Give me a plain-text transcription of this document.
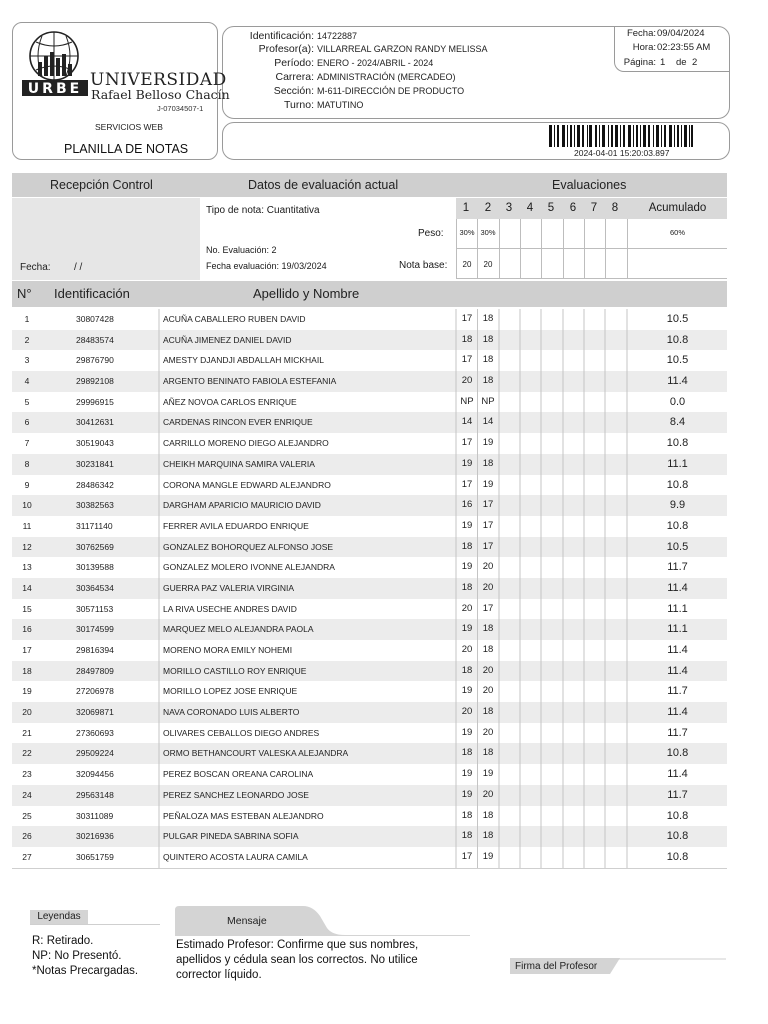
URBE UNIVERSIDAD
Rafael Belloso Chacín
J-07034507-1
SERVICIOS WEB
PLANILLA DE NOTAS
Identificación: 14722887
Profesor(a): VILLARREAL GARZON RANDY MELISSA
Período: ENERO - 2024/ABRIL - 2024
Carrera: ADMINISTRACIÓN (MERCADEO)
Sección: M-611-DIRECCIÓN DE PRODUCTO
Turno: MATUTINO
Fecha: 09/04/2024
Hora: 02:23:55 AM
Página: 1 de 2
2024-04-01 15:20:03.897
Recepción Control	Datos de evaluación actual	Evaluaciones
Fecha: / /
Tipo de nota: Cuantitativa
Peso:
No. Evaluación: 2
Fecha evaluación: 19/03/2024	Nota base:
1	2	3	4	5	6	7	8	Acumulado
30% 30%	60%
20	20
N° Identificación	Apellido y Nombre
1	30807428	ACUÑA CABALLERO RUBEN DAVID	17	18	10.5
2	28483574	ACUÑA JIMENEZ DANIEL DAVID	18	18	10.8
3	29876790	AMESTY DJANDJI ABDALLAH MICKHAIL	17	18	10.5
4	29892108	ARGENTO BENINATO FABIOLA ESTEFANIA	20	18	11.4
5	29996915	AÑEZ NOVOA CARLOS ENRIQUE	NP NP	0.0
6	30412631	CARDENAS RINCON EVER ENRIQUE	14	14	8.4
7	30519043	CARRILLO MORENO DIEGO ALEJANDRO	17	19	10.8
8	30231841	CHEIKH MARQUINA SAMIRA VALERIA	19	18	11.1
9	28486342	CORONA MANGLE EDWARD ALEJANDRO	17	19	10.8
10	30382563	DARGHAM APARICIO MAURICIO DAVID	16	17	9.9
11	31171140	FERRER AVILA EDUARDO ENRIQUE	19	17	10.8
12	30762569	GONZALEZ BOHORQUEZ ALFONSO JOSE	18	17	10.5
13	30139588	GONZALEZ MOLERO IVONNE ALEJANDRA	19	20	11.7
14	30364534	GUERRA PAZ VALERIA VIRGINIA	18	20	11.4
15	30571153	LA RIVA USECHE ANDRES DAVID	20	17	11.1
16	30174599	MARQUEZ MELO ALEJANDRA PAOLA	19	18	11.1
17	29816394	MORENO MORA EMILY NOHEMI	20	18	11.4
18	28497809	MORILLO CASTILLO ROY ENRIQUE	18	20	11.4
19	27206978	MORILLO LOPEZ JOSE ENRIQUE	19	20	11.7
20	32069871	NAVA CORONADO LUIS ALBERTO	20	18	11.4
21	27360693	OLIVARES CEBALLOS DIEGO ANDRES	19	20	11.7
22	29509224	ORMO BETHANCOURT VALESKA ALEJANDRA	18	18	10.8
23	32094456	PEREZ BOSCAN OREANA CAROLINA	19	19	11.4
24	29563148	PEREZ SANCHEZ LEONARDO JOSE	19	20	11.7
25	30311089	PEÑALOZA MAS ESTEBAN ALEJANDRO	18	18	10.8
26	30216936	PULGAR PINEDA SABRINA SOFIA	18	18	10.8
27	30651759	QUINTERO ACOSTA LAURA CAMILA	17	19	10.8
Leyendas
R: Retirado.
NP: No Presentó.
*Notas Precargadas.
Mensaje
Estimado Profesor: Confirme que sus nombres, apellidos y cédula sean los correctos. No utilice corrector líquido.
Firma del Profesor
